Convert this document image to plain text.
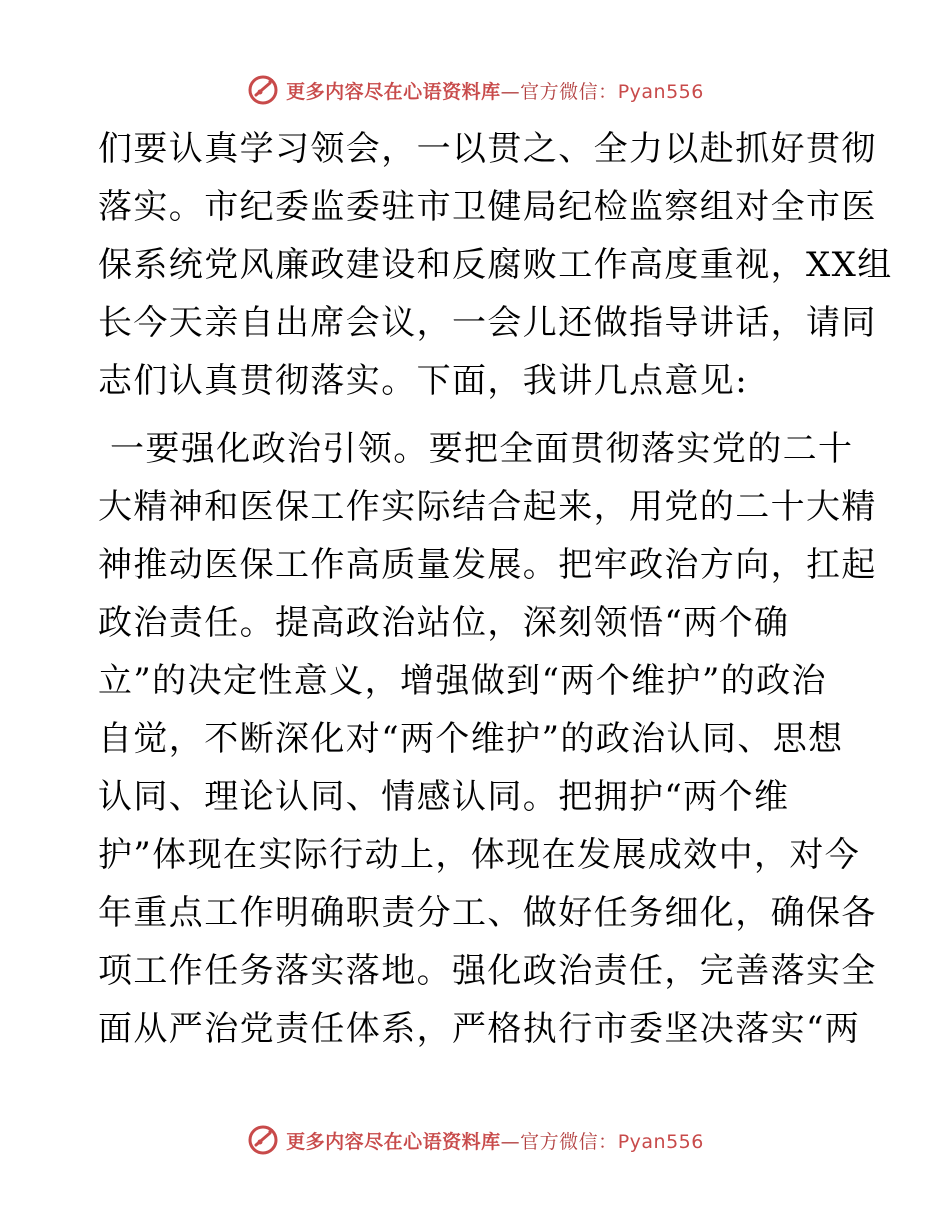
更多内容尽在心语资料库—官方微信：Pyan556
们要认真学习领会，一以贯之、全力以赴抓好贯彻
落实。市纪委监委驻市卫健局纪检监察组对全市医
保系统党风廉政建设和反腐败工作高度重视，XX组
长今天亲自出席会议，一会儿还做指导讲话，请同
志们认真贯彻落实。下面，我讲几点意见:
一要强化政治引领。要把全面贯彻落实党的二十
大精神和医保工作实际结合起来，用党的二十大精
神推动医保工作高质量发展。把牢政治方向，扛起
政治责任。提高政治站位，深刻领悟“两个确
立”的决定性意义，增强做到“两个维护”的政治
自觉，不断深化对“两个维护”的政治认同、思想
认同、理论认同、情感认同。把拥护“两个维
护”体现在实际行动上，体现在发展成效中，对今
年重点工作明确职责分工、做好任务细化，确保各
项工作任务落实落地。强化政治责任，完善落实全
面从严治党责任体系，严格执行市委坚决落实“两
更多内容尽在心语资料库—官方微信：Pyan556
